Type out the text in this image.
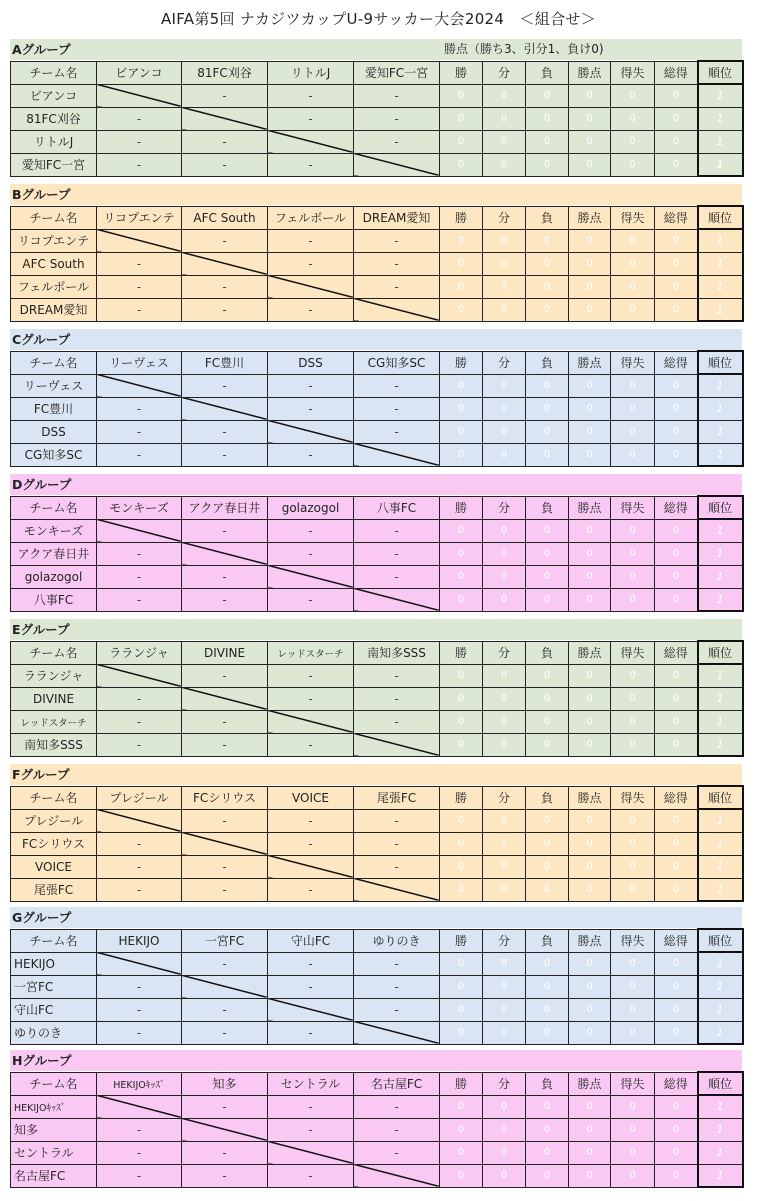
AIFA第5回 ナカジツカップU-9サッカー大会2024　＜組合せ＞
Aグループ	勝点（勝ち3、引分1、負け0)
チーム名	ビアンコ	81FC刈谷	リトルJ	愛知FC一宮	勝	分	負	勝点	得失	総得	順位
ビアンコ		-	-	-	0	0	0	0	0	0	1
81FC刈谷	-		-	-	0	0	0	0	0	0	1
リトルJ	-	-		-	0	0	0	0	0	0	1
愛知FC一宮	-	-	-		0	0	0	0	0	0	1
Bグループ
チーム名	リコプエンテ	AFC South	フェルボール	DREAM愛知	勝	分	負	勝点	得失	総得	順位
リコプエンテ		-	-	-	0	0	0	0	0	0	1
AFC South	-		-	-	0	0	0	0	0	0	1
フェルボール	-	-		-	0	0	0	0	0	0	1
DREAM愛知	-	-	-		0	0	0	0	0	0	1
Cグループ
チーム名	リーヴェス	FC豊川	DSS	CG知多SC	勝	分	負	勝点	得失	総得	順位
リーヴェス		-	-	-	0	0	0	0	0	0	1
FC豊川	-		-	-	0	0	0	0	0	0	1
DSS	-	-		-	0	0	0	0	0	0	1
CG知多SC	-	-	-		0	0	0	0	0	0	1
Dグループ
チーム名	モンキーズ	アクア春日井	golazogol	八事FC	勝	分	負	勝点	得失	総得	順位
モンキーズ		-	-	-	0	0	0	0	0	0	1
アクア春日井	-		-	-	0	0	0	0	0	0	1
golazogol	-	-		-	0	0	0	0	0	0	1
八事FC	-	-	-		0	0	0	0	0	0	1
Eグループ
チーム名	ラランジャ	DIVINE	レッドスターチ	南知多SSS	勝	分	負	勝点	得失	総得	順位
ラランジャ		-	-	-	0	0	0	0	0	0	1
DIVINE	-		-	-	0	0	0	0	0	0	1
レッドスターチ	-	-		-	0	0	0	0	0	0	1
南知多SSS	-	-	-		0	0	0	0	0	0	1
Fグループ
チーム名	プレジール	FCシリウス	VOICE	尾張FC	勝	分	負	勝点	得失	総得	順位
プレジール		-	-	-	0	0	0	0	0	0	1
FCシリウス	-		-	-	0	0	0	0	0	0	1
VOICE	-	-		-	0	0	0	0	0	0	1
尾張FC	-	-	-		0	0	0	0	0	0	1
Gグループ
チーム名	HEKIJO	一宮FC	守山FC	ゆりのき	勝	分	負	勝点	得失	総得	順位
HEKIJO		-	-	-	0	0	0	0	0	0	1
一宮FC	-		-	-	0	0	0	0	0	0	1
守山FC	-	-		-	0	0	0	0	0	0	1
ゆりのき	-	-	-		0	0	0	0	0	0	1
Hグループ
チーム名	HEKIJOｷｯｽﾞ	知多	セントラル	名古屋FC	勝	分	負	勝点	得失	総得	順位
HEKIJOｷｯｽﾞ		-	-	-	0	0	0	0	0	0	1
知多	-		-	-	0	0	0	0	0	0	1
セントラル	-	-		-	0	0	0	0	0	0	1
名古屋FC	-	-	-		0	0	0	0	0	0	1
